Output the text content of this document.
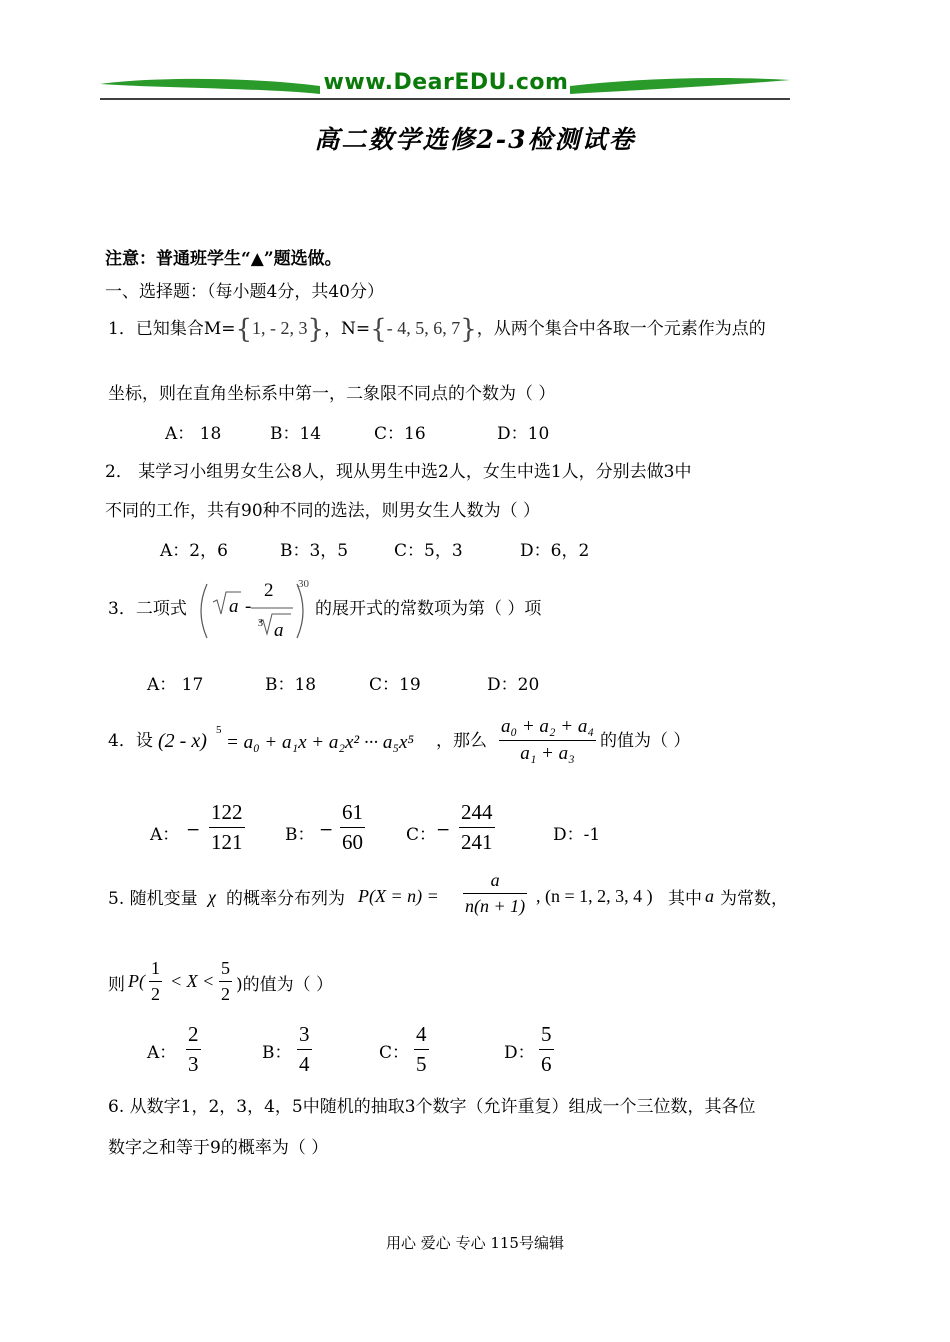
www.DearEDU.com
高二数学选修2-3检测试卷
注意：普通班学生“▲”题选做。
一、选择题：（每小题4分，共40分）
1．已知集合M={1, - 2, 3}，N={- 4, 5, 6, 7}，从两个集合中各取一个元素作为点的
坐标，则在直角坐标系中第一，二象限不同点的个数为（ ）
A： 18	B：14	C：16	D：10
2． 某学习小组男女生公8人，现从男生中选2人，女生中选1人，分别去做3中
不同的工作，共有90种不同的选法，则男女生人数为（ ）
A：2，6	B：3，5	C：5，3	D：6，2
3．二项式 a -
2
3 a
30
的展开式的常数项为第（ ）项
A： 17	B：18	C：19	D：20
4．设 (2 - x) 5
= a₀ + a₁x + a₂x² ··· a₅x⁵ ，那么 $\frac{\text{a₀ + a₂ + a₄}}{\text{a₁ + a₃}}$ 的值为（ ）
A： − $\frac{122}{121}$ B： − $\frac{61}{60}$ C： − $\frac{244}{241}$	D：-1
5. 随机变量 χ 的概率分布列为 $P(X = n) = \frac{a}{n(n + 1)}$ , (n = 1, 2, 3, 4 ) 其中 a 为常数，
则 $P( \frac{1}{2} < X < \frac{5}{2}$ )的值为（ ）
A： $\frac{2}{3}$	B： $\frac{3}{4}$	C： $\frac{4}{5}$	D： $\frac{5}{6}$
6. 从数字1，2，3，4，5中随机的抽取3个数字（允许重复）组成一个三位数，其各位
数字之和等于9的概率为（ ）
用心 爱心 专心 115号编辑
